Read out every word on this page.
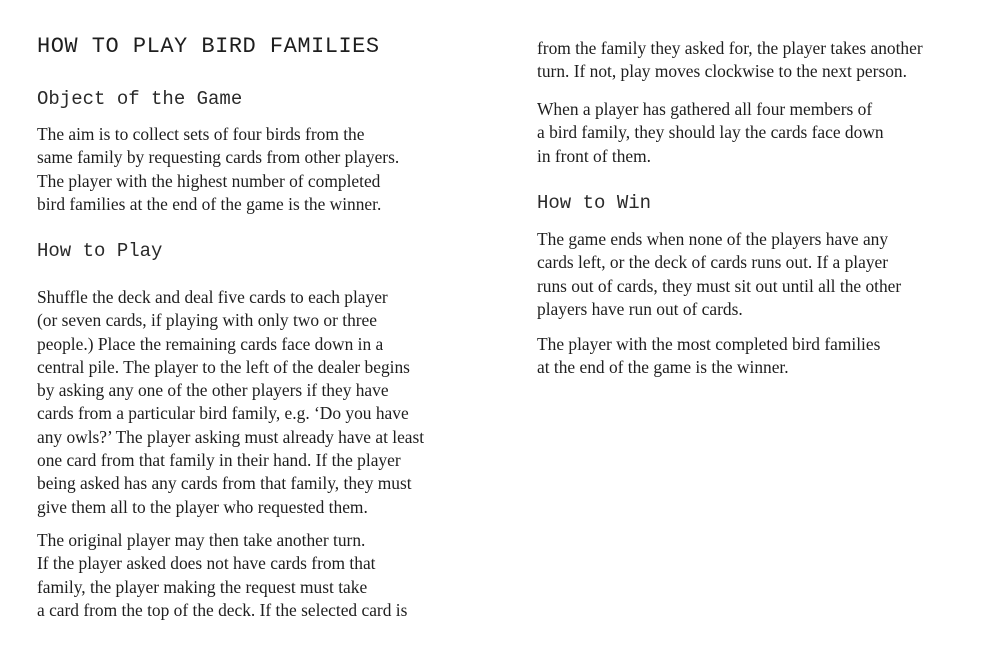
HOW TO PLAY BIRD FAMILIES
Object of the Game

The aim is to collect sets of four birds from the
same family by requesting cards from other players.
The player with the highest number of completed
bird families at the end of the game is the winner.

How to Play

Shuffle the deck and deal five cards to each player
(or seven cards, if playing with only two or three
people.) Place the remaining cards face down in a
central pile. The player to the left of the dealer begins
by asking any one of the other players if they have
cards from a particular bird family, e.g. ‘Do you have
any owls?’ The player asking must already have at least
one card from that family in their hand. If the player
being asked has any cards from that family, they must
give them all to the player who requested them.

The original player may then take another turn.
If the player asked does not have cards from that
family, the player making the request must take
a card from the top of the deck. If the selected card is

from the family they asked for, the player takes another
turn. If not, play moves clockwise to the next person.

When a player has gathered all four members of
a bird family, they should lay the cards face down
in front of them.

How to Win

The game ends when none of the players have any
cards left, or the deck of cards runs out. If a player
runs out of cards, they must sit out until all the other
players have run out of cards.

The player with the most completed bird families
at the end of the game is the winner.
